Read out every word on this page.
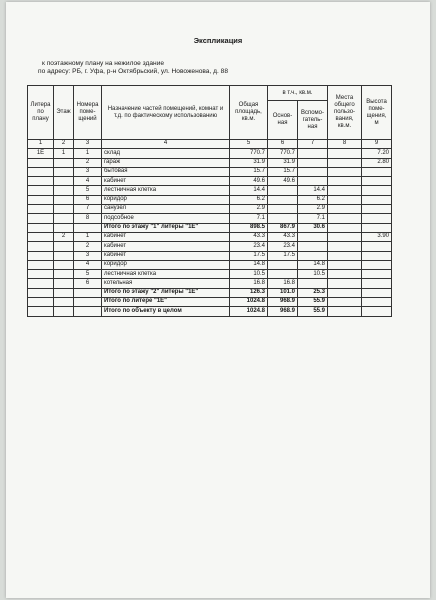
Экспликация
к поэтажному плану на нежилое здание
по адресу: РБ, г. Уфа, р-н Октябрьский, ул. Новоженова, д. 88
Литера по плану	Этаж	Номера поме-щений	Назначение частей помещений, комнат и т.д. по фактическому использованию	Общая площадь, кв.м.	в т.ч., кв.м.		Места общего пользо-вания, кв.м.	Высота поме-щения, м
					Основ-ная	Вспомо-гатель-ная		
1	2	3	4	5	6	7	8	9
1Е	1	1	склад	770.7	770.7			7.20
		2	гараж	31.9	31.9			2.80
		3	бытовая	15.7	15.7			
		4	кабинет	49.6	49.6			
		5	лестничная клетка	14.4		14.4		
		6	коридор	6.2		6.2		
		7	санузел	2.9		2.9		
		8	подсобное	7.1		7.1		
			Итого по этажу "1" литеры "1Е"	898.5	867.9	30.6		
	2	1	кабинет	43.3	43.3			3.90
		2	кабинет	23.4	23.4			
		3	кабинет	17.5	17.5			
		4	коридор	14.8		14.8		
		5	лестничная клетка	10.5		10.5		
		6	котельная	16.8	16.8			
			Итого по этажу "2" литеры "1Е"	126.3	101.0	25.3		
			Итого по литере "1Е"	1024.8	968.9	55.9		
			Итого по объекту в целом	1024.8	968.9	55.9		
